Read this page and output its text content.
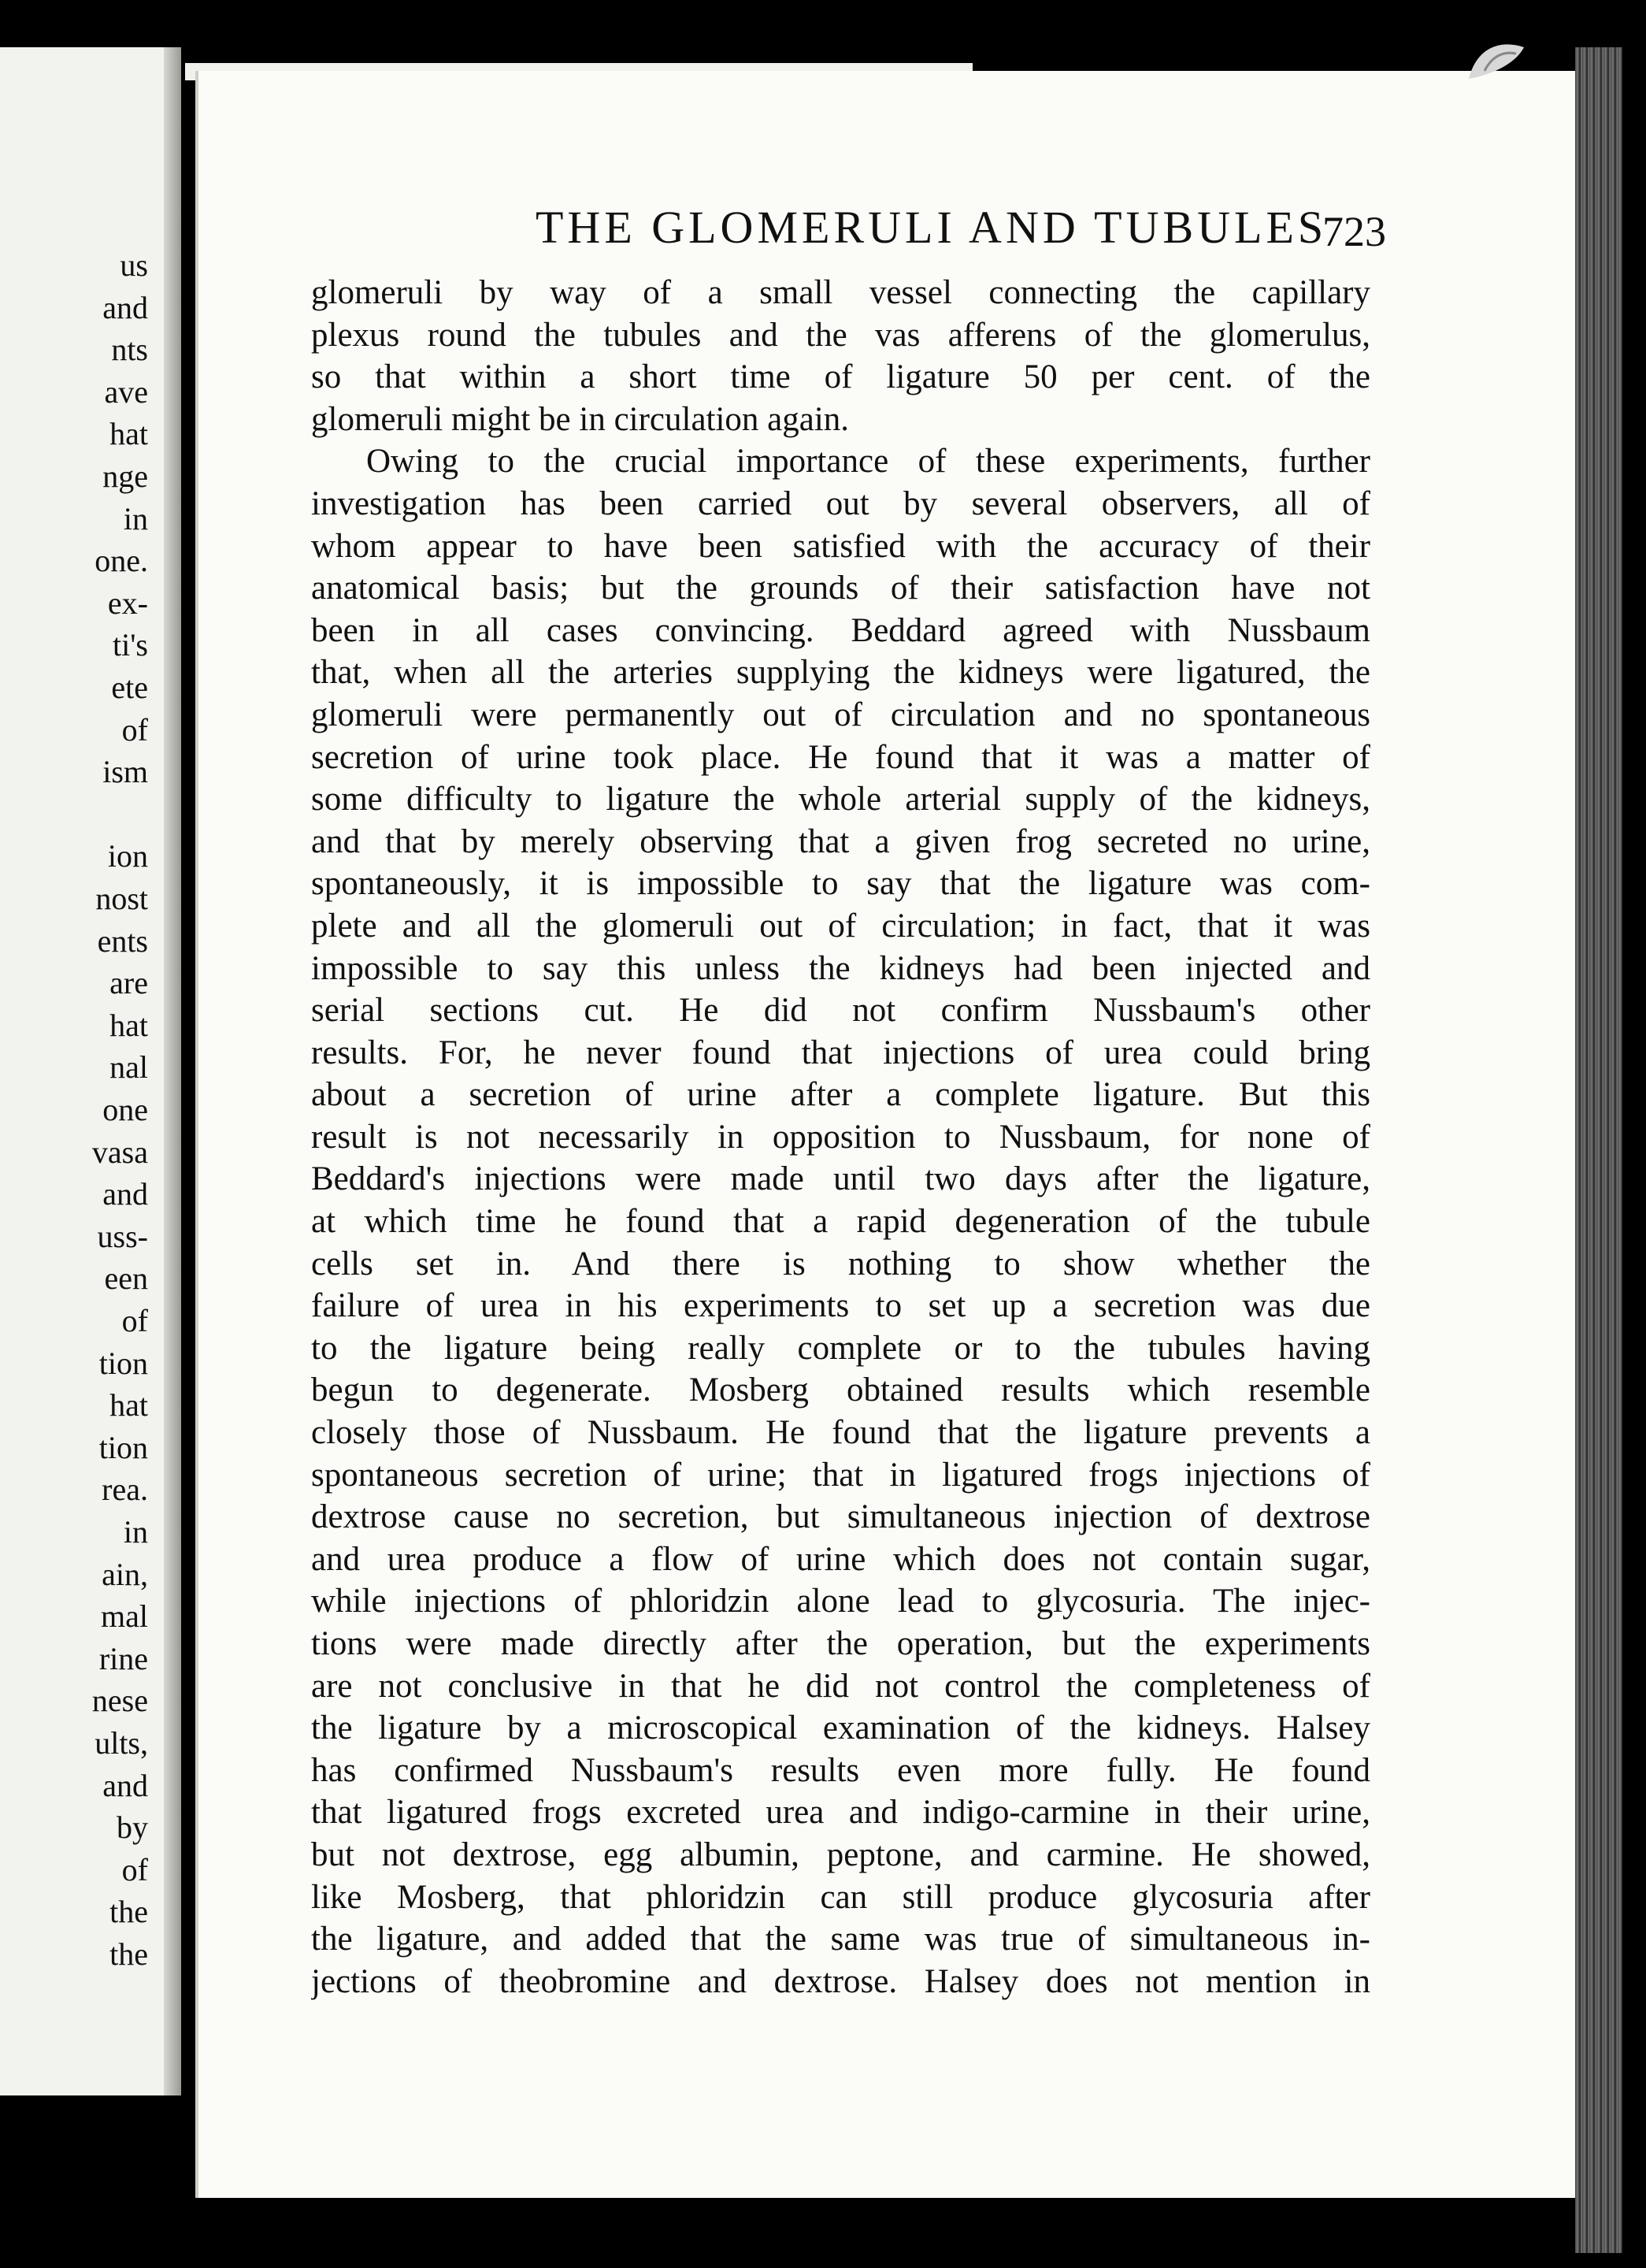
us
and
nts
ave
hat
nge
in
one.
ex-
ti's
ete
of
ism
ion
nost
ents
are
hat
nal
one
vasa
and
uss-
een
of
tion
hat
tion
rea.
in
ain,
mal
rine
nese
ults,
and
by
of
the
the
THE GLOMERULI AND TUBULES
723
glomeruli by way of a small vessel connecting the capillary
plexus round the tubules and the vas afferens of the glomerulus,
so that within a short time of ligature 50 per cent. of the
glomeruli might be in circulation again.
Owing to the crucial importance of these experiments, further
investigation has been carried out by several observers, all of
whom appear to have been satisfied with the accuracy of their
anatomical basis; but the grounds of their satisfaction have not
been in all cases convincing. Beddard agreed with Nussbaum
that, when all the arteries supplying the kidneys were ligatured, the
glomeruli were permanently out of circulation and no spontaneous
secretion of urine took place. He found that it was a matter of
some difficulty to ligature the whole arterial supply of the kidneys,
and that by merely observing that a given frog secreted no urine,
spontaneously, it is impossible to say that the ligature was com-
plete and all the glomeruli out of circulation; in fact, that it was
impossible to say this unless the kidneys had been injected and
serial sections cut. He did not confirm Nussbaum's other
results. For, he never found that injections of urea could bring
about a secretion of urine after a complete ligature. But this
result is not necessarily in opposition to Nussbaum, for none of
Beddard's injections were made until two days after the ligature,
at which time he found that a rapid degeneration of the tubule
cells set in. And there is nothing to show whether the
failure of urea in his experiments to set up a secretion was due
to the ligature being really complete or to the tubules having
begun to degenerate. Mosberg obtained results which resemble
closely those of Nussbaum. He found that the ligature prevents a
spontaneous secretion of urine; that in ligatured frogs injections of
dextrose cause no secretion, but simultaneous injection of dextrose
and urea produce a flow of urine which does not contain sugar,
while injections of phloridzin alone lead to glycosuria. The injec-
tions were made directly after the operation, but the experiments
are not conclusive in that he did not control the completeness of
the ligature by a microscopical examination of the kidneys. Halsey
has confirmed Nussbaum's results even more fully. He found
that ligatured frogs excreted urea and indigo-carmine in their urine,
but not dextrose, egg albumin, peptone, and carmine. He showed,
like Mosberg, that phloridzin can still produce glycosuria after
the ligature, and added that the same was true of simultaneous in-
jections of theobromine and dextrose. Halsey does not mention in
